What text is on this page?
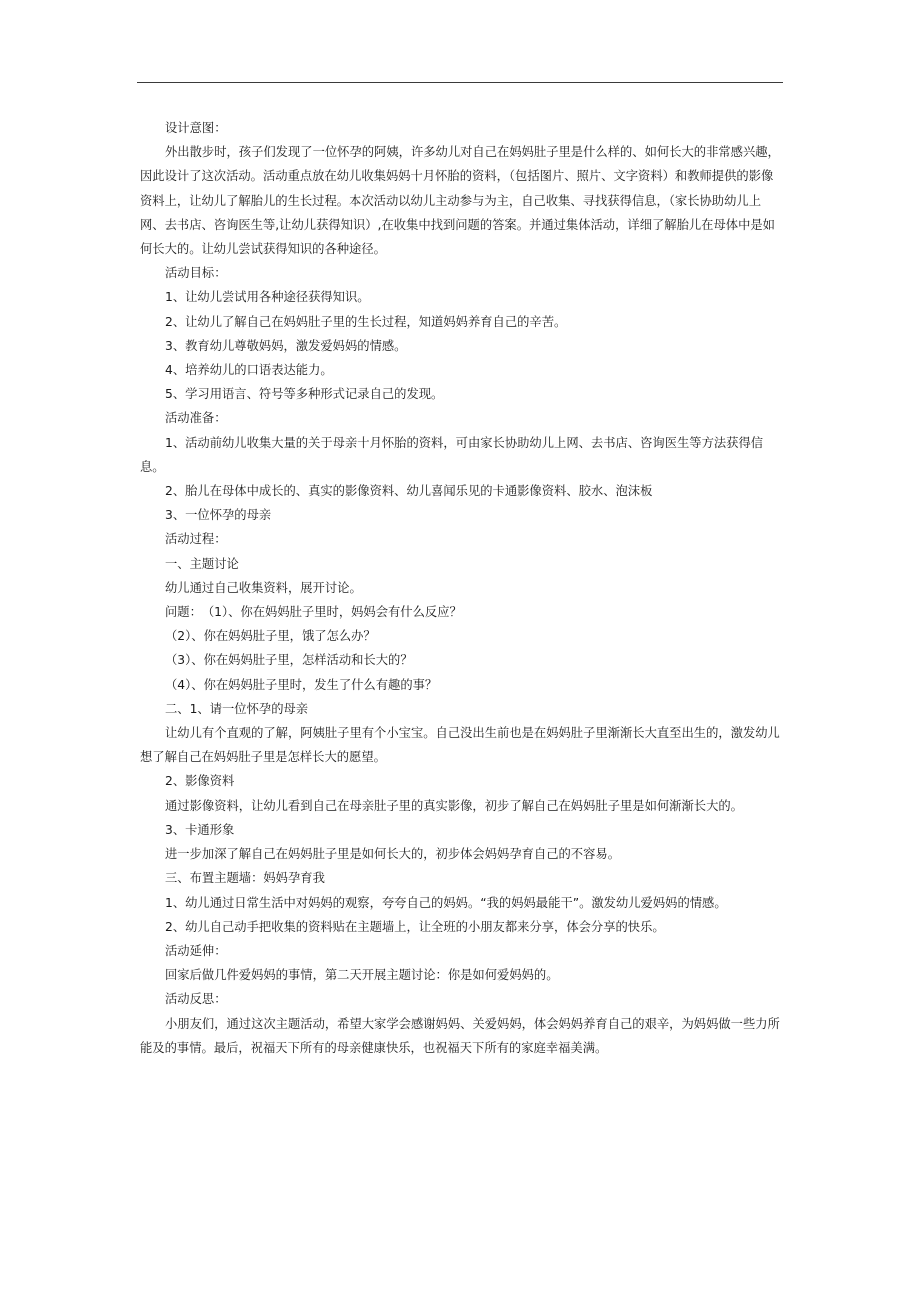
设计意图：

外出散步时，孩子们发现了一位怀孕的阿姨，许多幼儿对自己在妈妈肚子里是什么样的、如何长大的非常感兴趣，因此设计了这次活动。活动重点放在幼儿收集妈妈十月怀胎的资料，（包括图片、照片、文字资料）和教师提供的影像资料上，让幼儿了解胎儿的生长过程。本次活动以幼儿主动参与为主，自己收集、寻找获得信息，（家长协助幼儿上网、去书店、咨询医生等,让幼儿获得知识）,在收集中找到问题的答案。并通过集体活动，详细了解胎儿在母体中是如何长大的。让幼儿尝试获得知识的各种途径。

活动目标：

1、让幼儿尝试用各种途径获得知识。

2、让幼儿了解自己在妈妈肚子里的生长过程，知道妈妈养育自己的辛苦。

3、教育幼儿尊敬妈妈，激发爱妈妈的情感。

4、培养幼儿的口语表达能力。

5、学习用语言、符号等多种形式记录自己的发现。

活动准备：

1、活动前幼儿收集大量的关于母亲十月怀胎的资料，可由家长协助幼儿上网、去书店、咨询医生等方法获得信息。

2、胎儿在母体中成长的、真实的影像资料、幼儿喜闻乐见的卡通影像资料、胶水、泡沫板

3、一位怀孕的母亲

活动过程：

一、主题讨论

幼儿通过自己收集资料，展开讨论。

问题：　（1）、你在妈妈肚子里时，妈妈会有什么反应？

（2）、你在妈妈肚子里，饿了怎么办？

（3）、你在妈妈肚子里，怎样活动和长大的？

（4）、你在妈妈肚子里时，发生了什么有趣的事？

二、1、请一位怀孕的母亲

让幼儿有个直观的了解，阿姨肚子里有个小宝宝。自己没出生前也是在妈妈肚子里渐渐长大直至出生的，激发幼儿想了解自己在妈妈肚子里是怎样长大的愿望。

2、影像资料

通过影像资料，让幼儿看到自己在母亲肚子里的真实影像，初步了解自己在妈妈肚子里是如何渐渐长大的。

3、卡通形象

进一步加深了解自己在妈妈肚子里是如何长大的，初步体会妈妈孕育自己的不容易。

三、布置主题墙：妈妈孕育我

1、幼儿通过日常生活中对妈妈的观察，夸夸自己的妈妈。“我的妈妈最能干”。激发幼儿爱妈妈的情感。

2、幼儿自己动手把收集的资料贴在主题墙上，让全班的小朋友都来分享，体会分享的快乐。

活动延伸：

回家后做几件爱妈妈的事情，第二天开展主题讨论：你是如何爱妈妈的。

活动反思：

小朋友们，通过这次主题活动，希望大家学会感谢妈妈、关爱妈妈，体会妈妈养育自己的艰辛，为妈妈做一些力所能及的事情。最后，祝福天下所有的母亲健康快乐，也祝福天下所有的家庭幸福美满。
